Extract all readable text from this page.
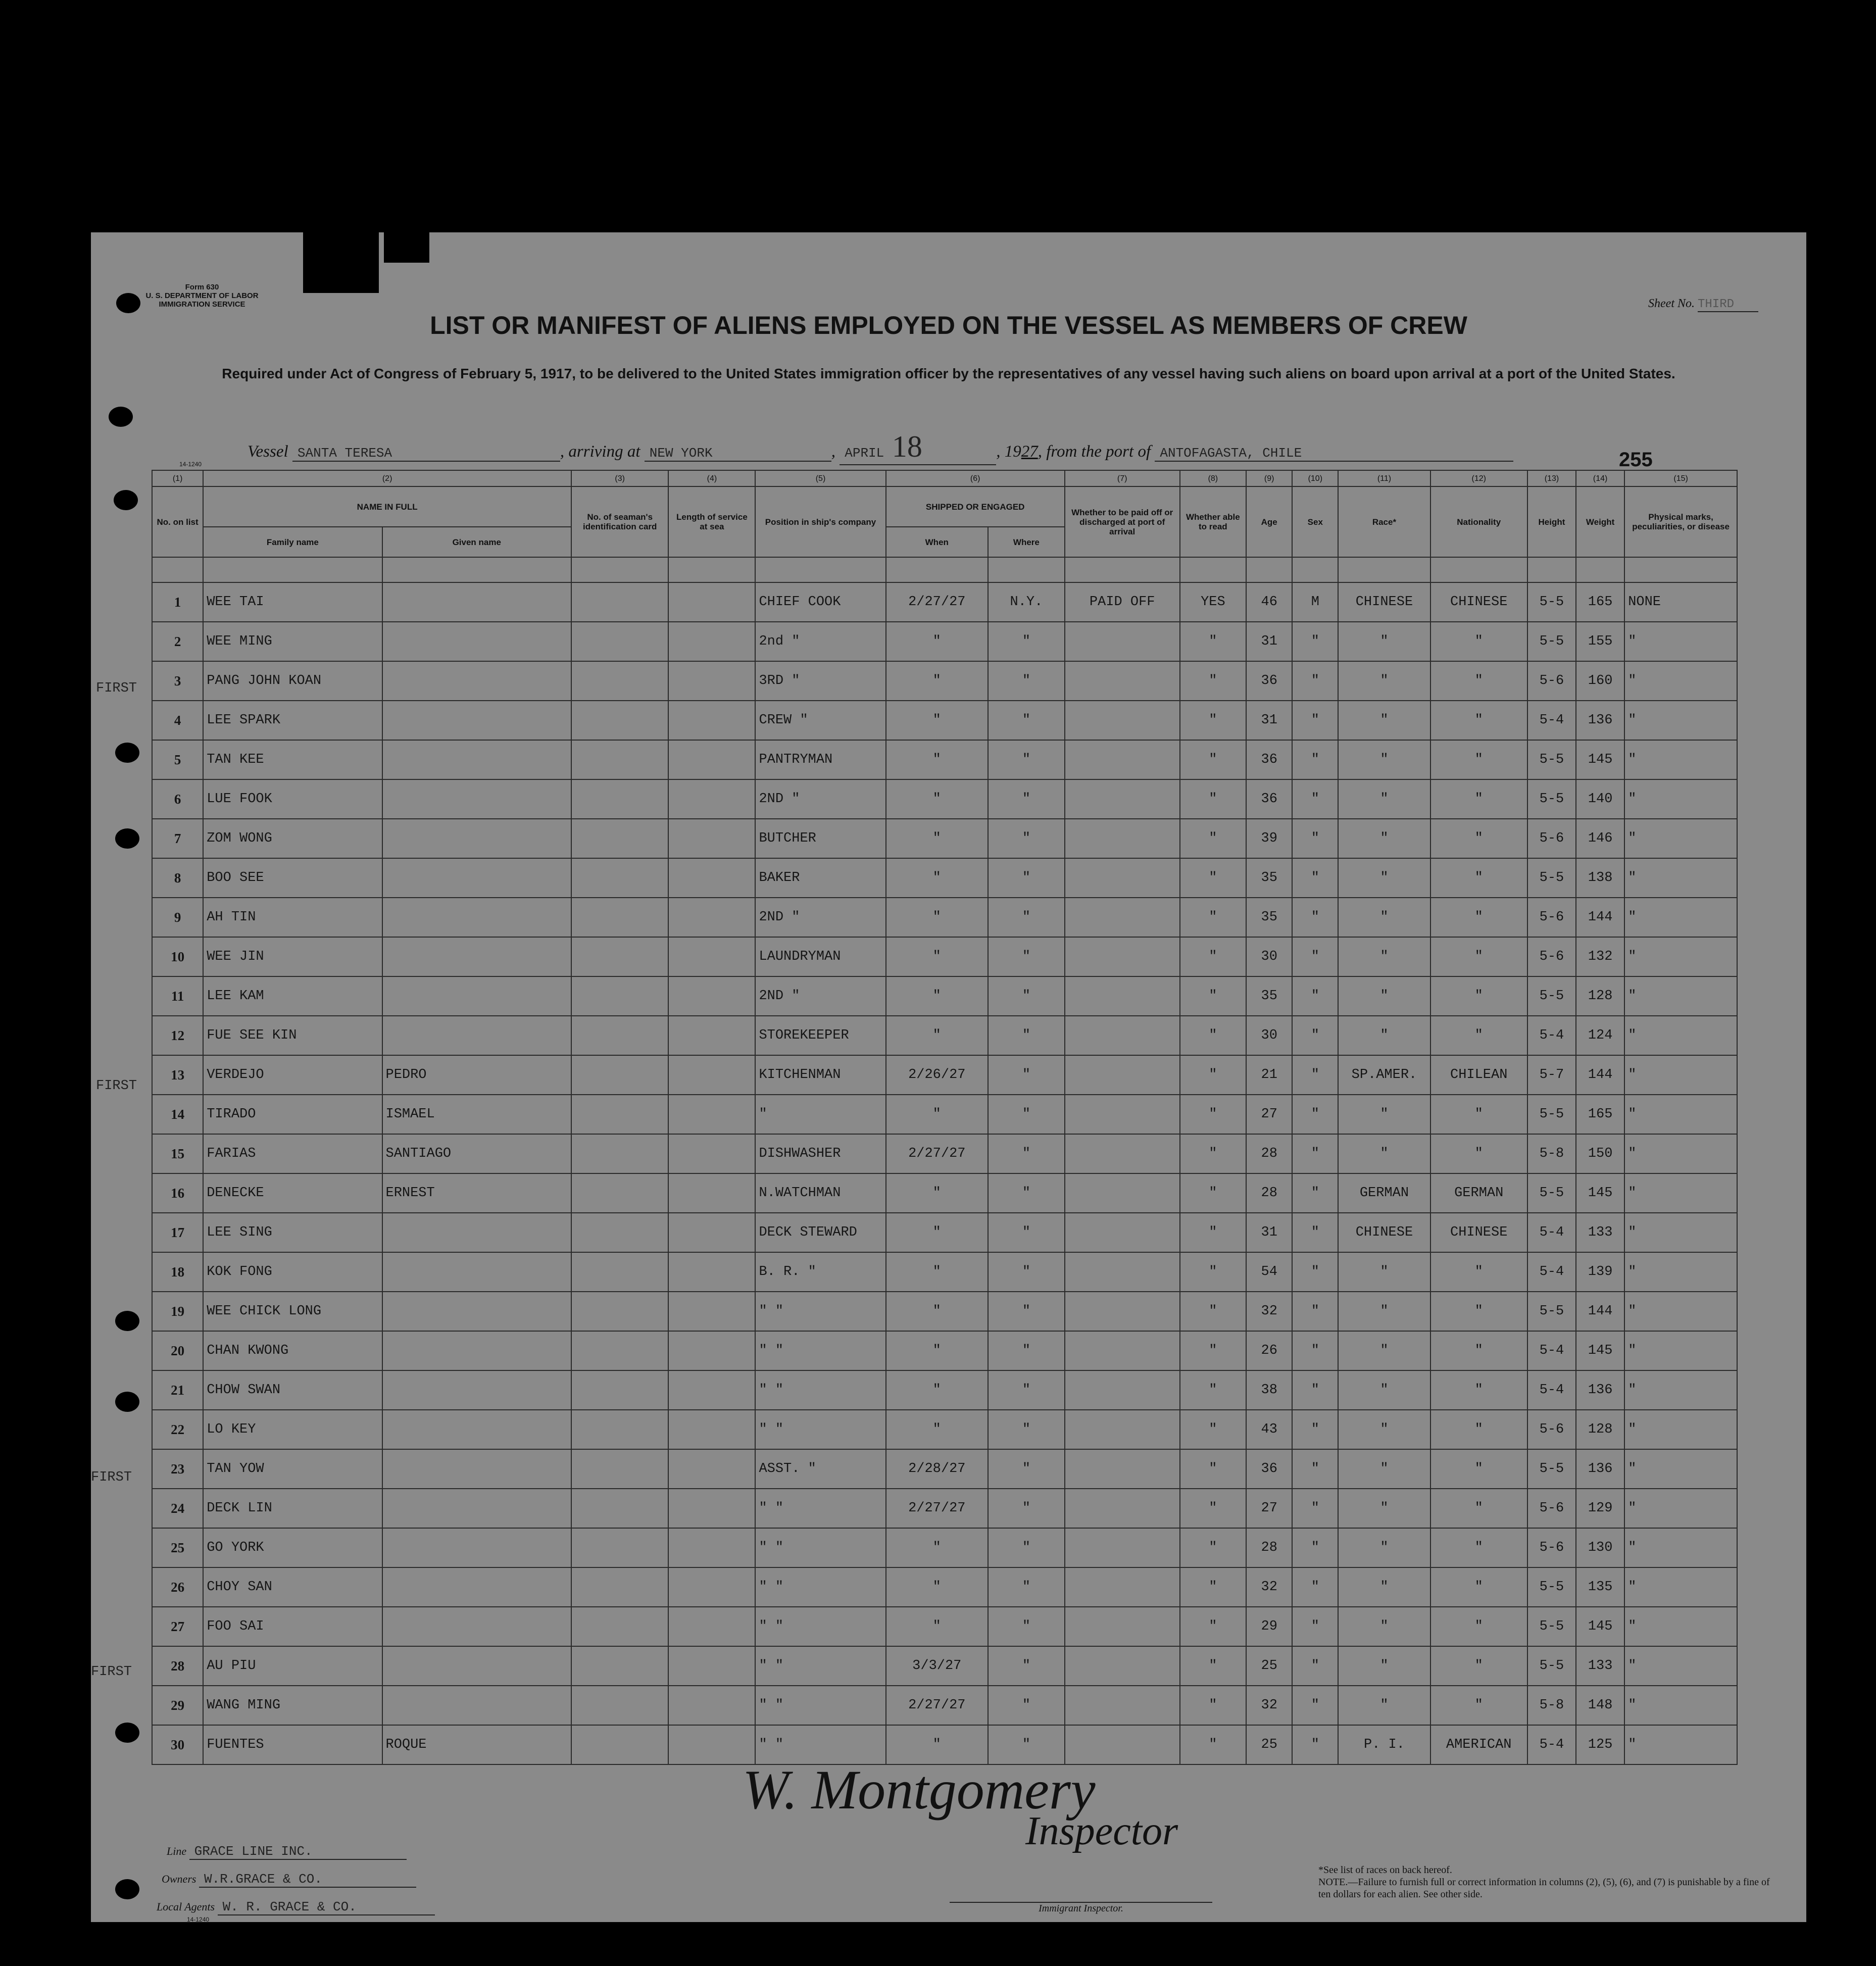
Form 630
U. S. DEPARTMENT OF LABOR
IMMIGRATION SERVICE	Sheet No. THIRD
LIST OR MANIFEST OF ALIENS EMPLOYED ON THE VESSEL AS MEMBERS OF CREW
Required under Act of Congress of February 5, 1917, to be delivered to the United States immigration officer by the representatives of any vessel having such aliens on board upon arrival at a port of the United States.
Vessel SANTA TERESA	, arriving at NEW YORK	, APRIL 18	, 1927, from the port of ANTOFAGASTA, CHILE	255
14-1240
FIRST
FIRST
FIRST
FIRST
(1)	(2)		(3)	(4)	(5)	(6)		(7)	(8)	(9)	(10)	(11)	(12)	(13)	(14)	(15)
No. on list	NAME IN FULL		No. of seaman's identification card	Length of service at sea	Position in ship's company	SHIPPED OR ENGAGED		Whether to be paid off or discharged at port of arrival	Whether able to read	Age	Sex	Race*	Nationality	Height	Weight	Physical marks, peculiarities, or disease
	Family name	Given name				When	Where									

1	WEE TAI				CHIEF COOK	2/27/27	N.Y.	PAID OFF	YES	46	M	CHINESE	CHINESE	5-5	165	NONE
2	WEE MING				2nd "	"	"		"	31	"	"	"	5-5	155	"
3	PANG JOHN KOAN				3RD "	"	"		"	36	"	"	"	5-6	160	"
4	LEE SPARK				CREW "	"	"		"	31	"	"	"	5-4	136	"
5	TAN KEE				PANTRYMAN	"	"		"	36	"	"	"	5-5	145	"
6	LUE FOOK				2ND "	"	"		"	36	"	"	"	5-5	140	"
7	ZOM WONG				BUTCHER	"	"		"	39	"	"	"	5-6	146	"
8	BOO SEE				BAKER	"	"		"	35	"	"	"	5-5	138	"
9	AH TIN				2ND "	"	"		"	35	"	"	"	5-6	144	"
10	WEE JIN				LAUNDRYMAN	"	"		"	30	"	"	"	5-6	132	"
11	LEE KAM				2ND "	"	"		"	35	"	"	"	5-5	128	"
12	FUE SEE KIN				STOREKEEPER	"	"		"	30	"	"	"	5-4	124	"
13	VERDEJO	PEDRO			KITCHENMAN	2/26/27	"		"	21	"	SP.AMER.	CHILEAN	5-7	144	"
14	TIRADO	ISMAEL			"	"	"		"	27	"	"	"	5-5	165	"
15	FARIAS	SANTIAGO			DISHWASHER	2/27/27	"		"	28	"	"	"	5-8	150	"
16	DENECKE	ERNEST			N.WATCHMAN	"	"		"	28	"	GERMAN	GERMAN	5-5	145	"
17	LEE SING				DECK STEWARD	"	"		"	31	"	CHINESE	CHINESE	5-4	133	"
18	KOK FONG				B. R. "	"	"		"	54	"	"	"	5-4	139	"
19	WEE CHICK LONG				" "	"	"		"	32	"	"	"	5-5	144	"
20	CHAN KWONG				" "	"	"		"	26	"	"	"	5-4	145	"
21	CHOW SWAN				" "	"	"		"	38	"	"	"	5-4	136	"
22	LO KEY				" "	"	"		"	43	"	"	"	5-6	128	"
23	TAN YOW				ASST. "	2/28/27	"		"	36	"	"	"	5-5	136	"
24	DECK LIN				" "	2/27/27	"		"	27	"	"	"	5-6	129	"
25	GO YORK				" "	"	"		"	28	"	"	"	5-6	130	"
26	CHOY SAN				" "	"	"		"	32	"	"	"	5-5	135	"
27	FOO SAI				" "	"	"		"	29	"	"	"	5-5	145	"
28	AU PIU				" "	3/3/27	"		"	25	"	"	"	5-5	133	"
29	WANG MING				" "	2/27/27	"		"	32	"	"	"	5-8	148	"
30	FUENTES	ROQUE			" "	"	"		"	25	"	P. I.	AMERICAN	5-4	125	"
W. Montgomery
Inspector
Line GRACE LINE INC.
Owners W.R.GRACE & CO.
Local Agents W. R. GRACE & CO.
14-1240
Immigrant Inspector.
*See list of races on back hereof.
NOTE.—Failure to furnish full or correct information in columns (2), (5), (6), and (7) is punishable by a fine of ten dollars for each alien. See other side.
